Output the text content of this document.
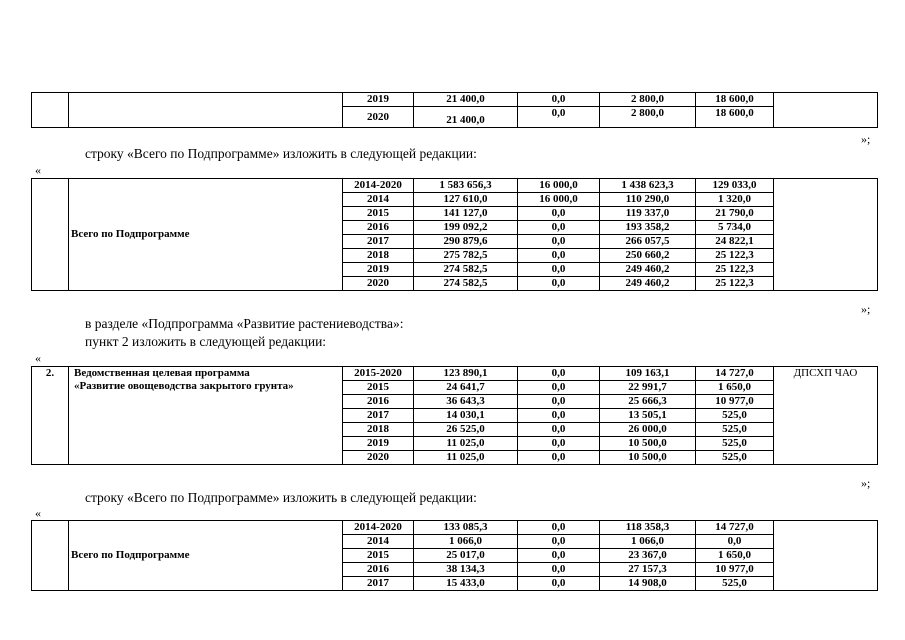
		2019	21 400,0	0,0	2 800,0	18 600,0	
		2020	21 400,0	0,0	2 800,0	18 600,0	
»;
строку «Всего по Подпрограмме» изложить в следующей редакции:
«
	Всего по Подпрограмме	2014-2020	1 583 656,3	16 000,0	1 438 623,3	129 033,0	
		2014	127 610,0	16 000,0	110 290,0	1 320,0	
		2015	141 127,0	0,0	119 337,0	21 790,0	
		2016	199 092,2	0,0	193 358,2	5 734,0	
		2017	290 879,6	0,0	266 057,5	24 822,1	
		2018	275 782,5	0,0	250 660,2	25 122,3	
		2019	274 582,5	0,0	249 460,2	25 122,3	
		2020	274 582,5	0,0	249 460,2	25 122,3	
»;
в разделе «Подпрограмма «Развитие растениеводства»:
пункт 2 изложить в следующей редакции:
«
2.	Ведомственная целевая программа
«Развитие овощеводства закрытого грунта»	2015-2020	123 890,1	0,0	109 163,1	14 727,0	ДПСХП ЧАО
		2015	24 641,7	0,0	22 991,7	1 650,0	
		2016	36 643,3	0,0	25 666,3	10 977,0	
		2017	14 030,1	0,0	13 505,1	525,0	
		2018	26 525,0	0,0	26 000,0	525,0	
		2019	11 025,0	0,0	10 500,0	525,0	
		2020	11 025,0	0,0	10 500,0	525,0	
»;
строку «Всего по Подпрограмме» изложить в следующей редакции:
«
	Всего по Подпрограмме	2014-2020	133 085,3	0,0	118 358,3	14 727,0	
		2014	1 066,0	0,0	1 066,0	0,0	
		2015	25 017,0	0,0	23 367,0	1 650,0	
		2016	38 134,3	0,0	27 157,3	10 977,0	
		2017	15 433,0	0,0	14 908,0	525,0	
